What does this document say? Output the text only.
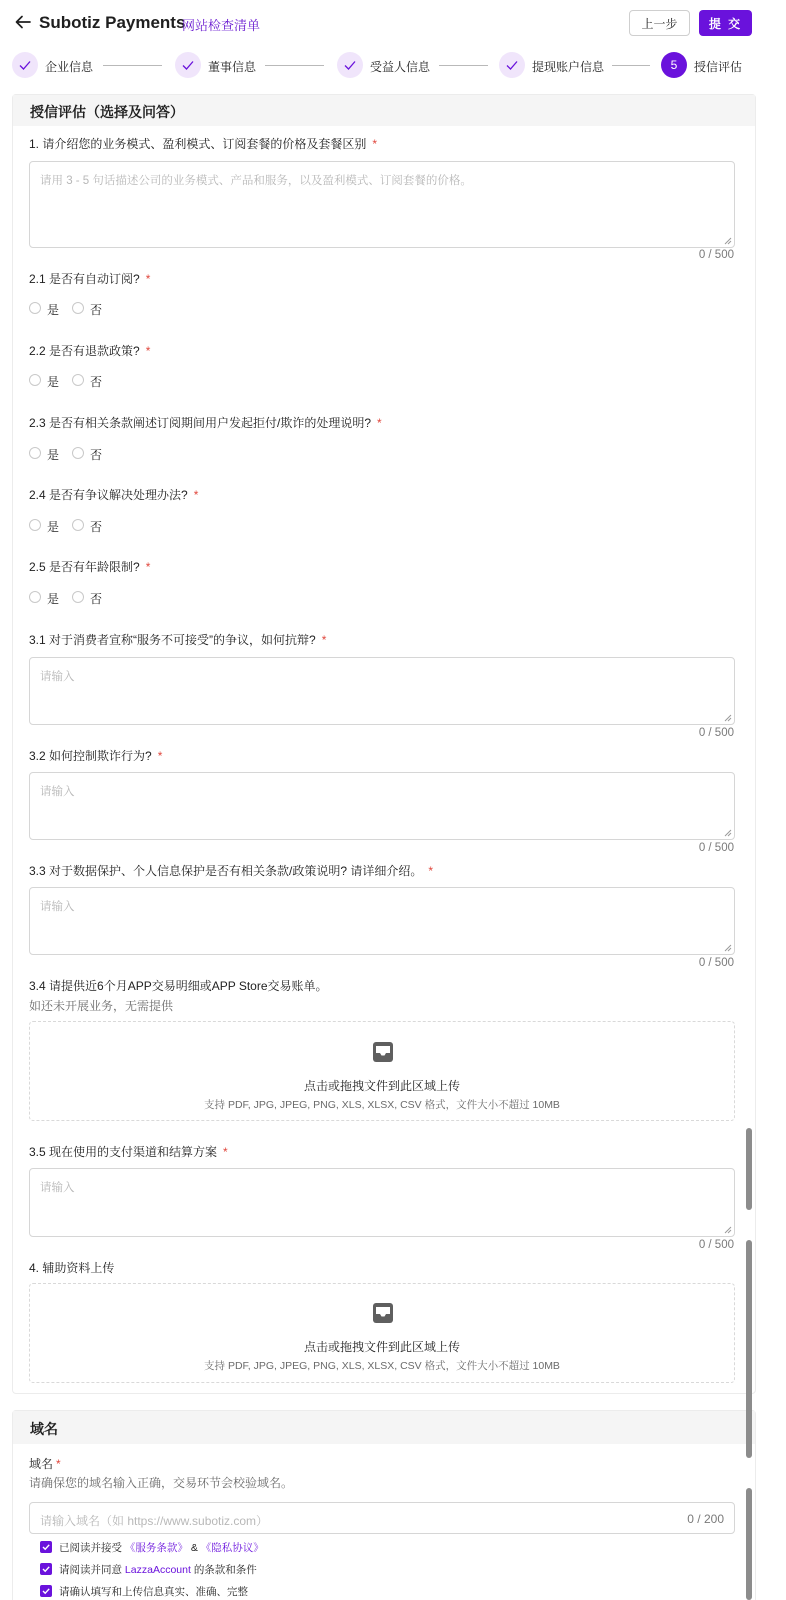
Subotiz Payments
网站检查清单	上一步	提 交
企业信息	董事信息	受益人信息	提现账户信息	5	授信评估
授信评估（选择及问答）
1. 请介绍您的业务模式、盈利模式、订阅套餐的价格及套餐区别 *
请用 3 - 5 句话描述公司的业务模式、产品和服务，以及盈利模式、订阅套餐的价格。
0 / 500
2.1 是否有自动订阅? *
是	否
2.2 是否有退款政策? *
是	否
2.3 是否有相关条款阐述订阅期间用户发起拒付/欺诈的处理说明? *
是	否
2.4 是否有争议解决处理办法? *
是	否
2.5 是否有年龄限制? *
是	否
3.1 对于消费者宣称“服务不可接受”的争议，如何抗辩? *
请输入
0 / 500
3.2 如何控制欺诈行为? *
请输入
0 / 500
3.3 对于数据保护、个人信息保护是否有相关条款/政策说明? 请详细介绍。 *
请输入
0 / 500
3.4 请提供近6个月APP交易明细或APP Store交易账单。
如还未开展业务，无需提供
点击或拖拽文件到此区域上传
支持 PDF, JPG, JPEG, PNG, XLS, XLSX, CSV 格式，文件大小不超过 10MB
3.5 现在使用的支付渠道和结算方案 *
请输入
0 / 500
4. 辅助资料上传
点击或拖拽文件到此区域上传
支持 PDF, JPG, JPEG, PNG, XLS, XLSX, CSV 格式，文件大小不超过 10MB
域名
域名 *
请确保您的域名输入正确，交易环节会校验域名。
请输入域名（如 https://www.subotiz.com）	0 / 200
已阅读并接受 《服务条款》 & 《隐私协议》
请阅读并同意 LazzaAccount 的条款和条件
请确认填写和上传信息真实、准确、完整
